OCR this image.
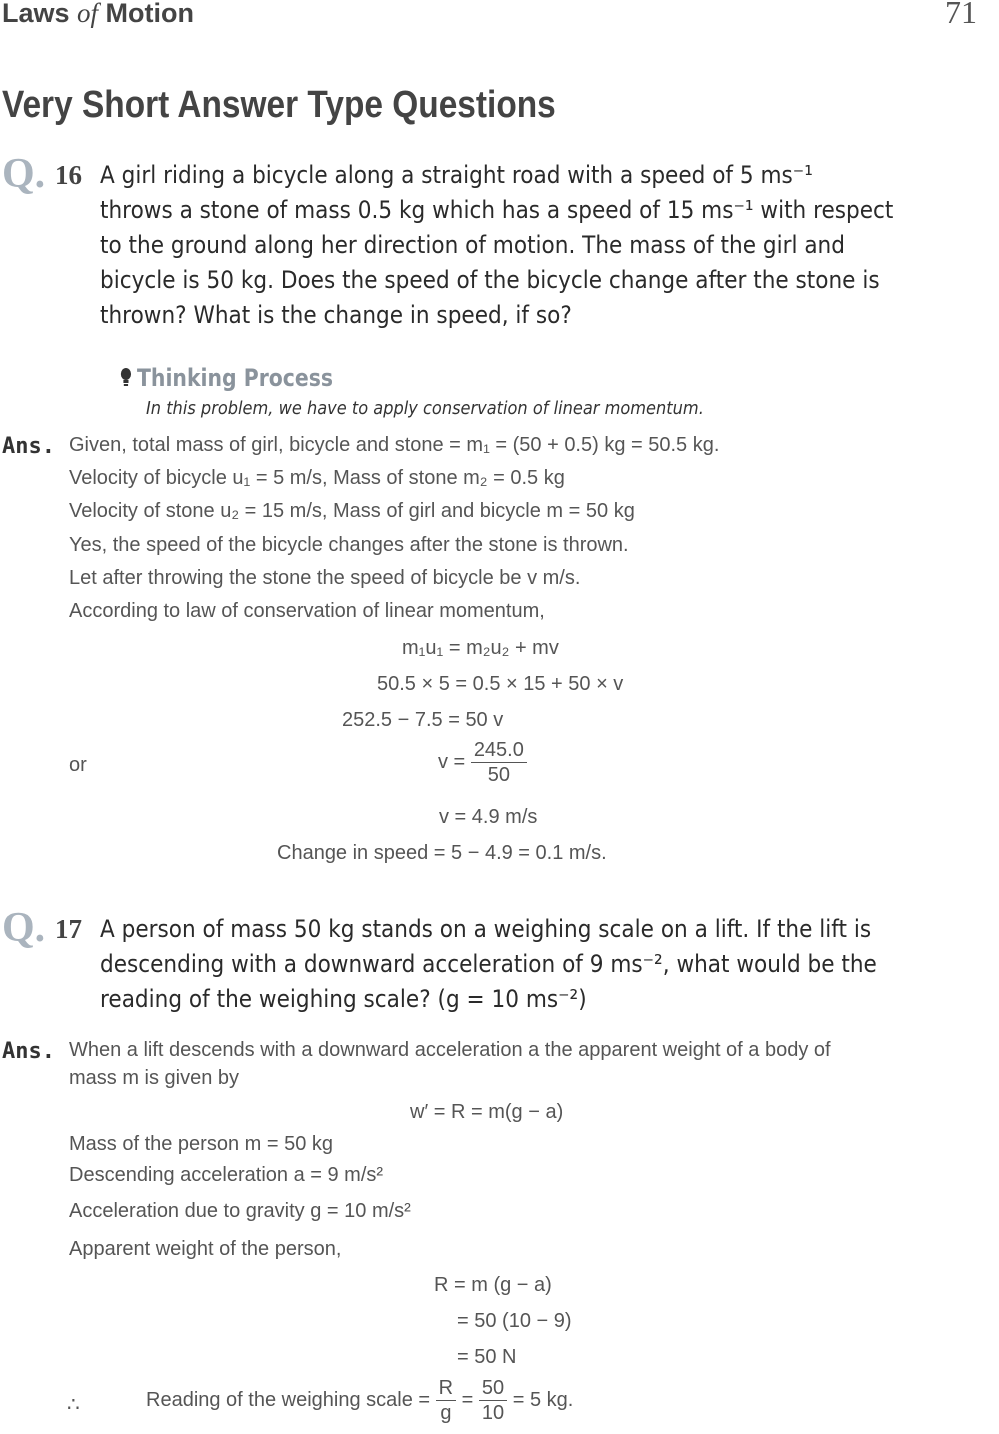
Laws of Motion	71
Very Short Answer Type Questions
Q. 16 A girl riding a bicycle along a straight road with a speed of 5 ms⁻¹
throws a stone of mass 0.5 kg which has a speed of 15 ms⁻¹ with respect
to the ground along her direction of motion. The mass of the girl and
bicycle is 50 kg. Does the speed of the bicycle change after the stone is
thrown? What is the change in speed, if so?
Thinking Process
In this problem, we have to apply conservation of linear momentum.
Ans. Given, total mass of girl, bicycle and stone = m₁ = (50 + 0.5) kg = 50.5 kg.
Velocity of bicycle u₁ = 5 m/s, Mass of stone m₂ = 0.5 kg
Velocity of stone u₂ = 15 m/s, Mass of girl and bicycle m = 50 kg
Yes, the speed of the bicycle changes after the stone is thrown.
Let after throwing the stone the speed of bicycle be v m/s.
According to law of conservation of linear momentum,
m₁u₁ = m₂u₂ + mv
50.5 × 5 = 0.5 × 15 + 50 × v
252.5 − 7.5 = 50 v
or	$v = \frac{245.0}{50}$
v = 4.9 m/s
Change in speed = 5 − 4.9 = 0.1 m/s.
Q. 17 A person of mass 50 kg stands on a weighing scale on a lift. If the lift is
descending with a downward acceleration of 9 ms⁻², what would be the
reading of the weighing scale? (g = 10 ms⁻²)
Ans. When a lift descends with a downward acceleration a the apparent weight of a body of
mass m is given by
w′ = R = m(g − a)
Mass of the person m = 50 kg
Descending acceleration a = 9 m/s²
Acceleration due to gravity g = 10 m/s²
Apparent weight of the person,
R = m (g − a)
= 50 (10 − 9)
= 50 N
∴	Reading of the weighing scale = $\frac{R}{g} = \frac{50}{10} = 5$ kg.
